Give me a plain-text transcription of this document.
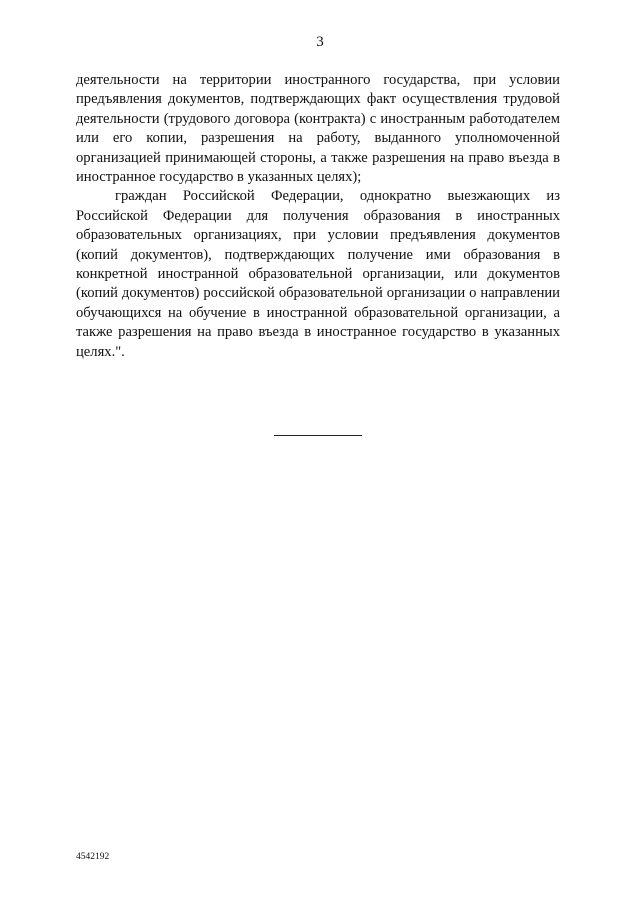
3

деятельности на территории иностранного государства, при условии предъявления документов, подтверждающих факт осуществления трудовой деятельности (трудового договора (контракта) с иностранным работодателем или его копии, разрешения на работу, выданного уполномоченной организацией принимающей стороны, а также разрешения на право въезда в иностранное государство в указанных целях);

граждан Российской Федерации, однократно выезжающих из Российской Федерации для получения образования в иностранных образовательных организациях, при условии предъявления документов (копий документов), подтверждающих получение ими образования в конкретной иностранной образовательной организации, или документов (копий документов) российской образовательной организации о направлении обучающихся на обучение в иностранной образовательной организации, а также разрешения на право въезда в иностранное государство в указанных целях.".

4542192
